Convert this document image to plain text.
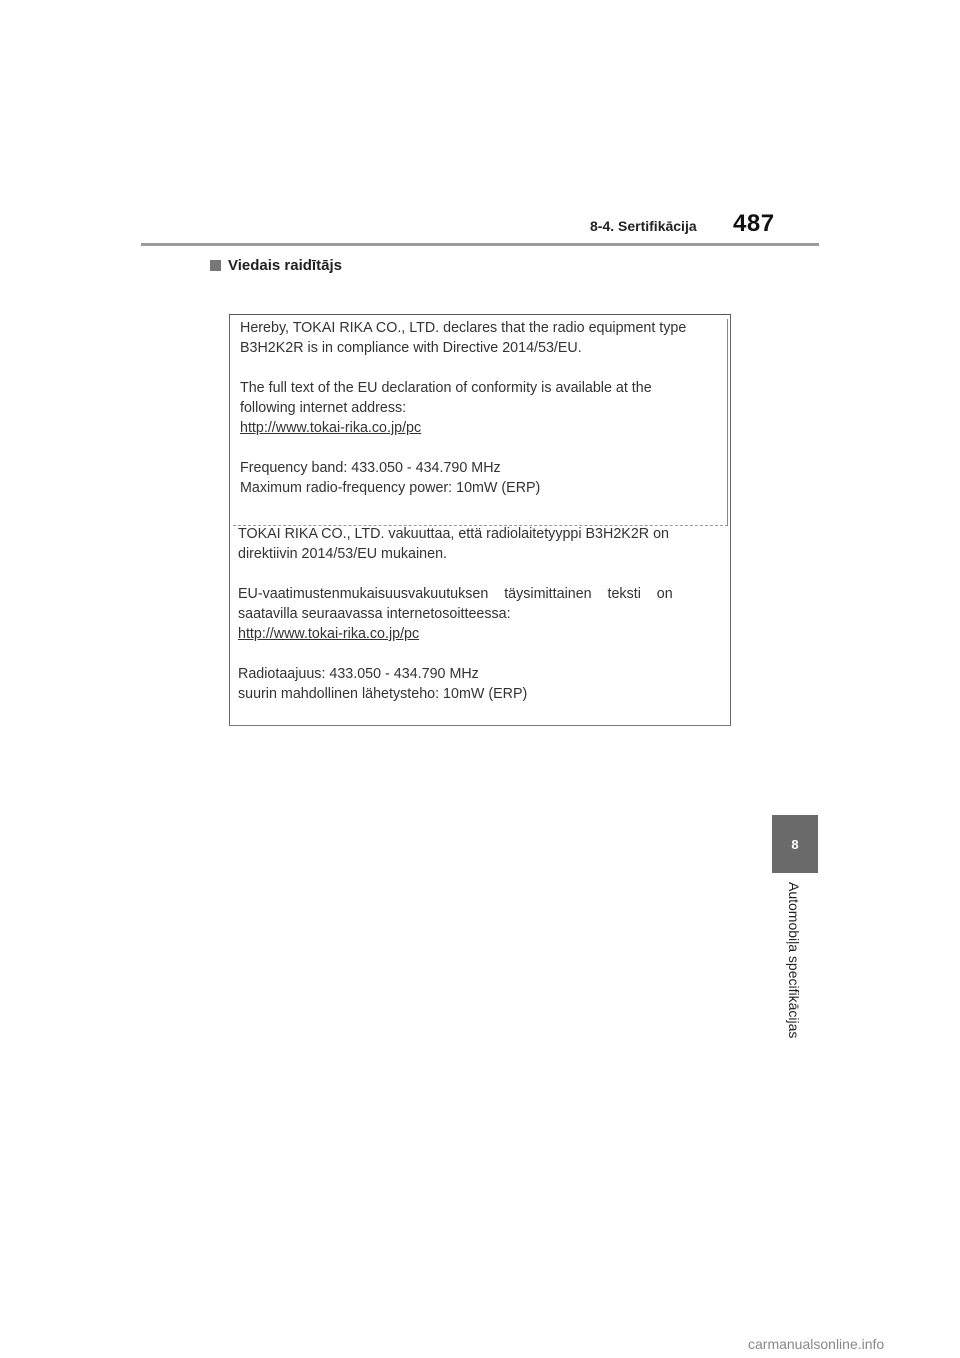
8-4. Sertifikācija 487
Viedais raidītājs

Hereby, TOKAI RIKA CO., LTD. declares that the radio equipment type

B3H2K2R is in compliance with Directive 2014/53/EU.

The full text of the EU declaration of conformity is available at the

following internet address:

http://www.tokai-rika.co.jp/pc

Frequency band: 433.050 - 434.790 MHz

Maximum radio-frequency power: 10mW (ERP)

TOKAI RIKA CO., LTD. vakuuttaa, että radiolaitetyyppi B3H2K2R on

direktiivin 2014/53/EU mukainen.

EU-vaatimustenmukaisuusvakuutuksen    täysimittainen    teksti    on

saatavilla seuraavassa internetosoitteessa:

http://www.tokai-rika.co.jp/pc

Radiotaajuus: 433.050 - 434.790 MHz

suurin mahdollinen lähetysteho: 10mW (ERP)

8
Automobiļa specifikācijas
carmanualsonline.info
